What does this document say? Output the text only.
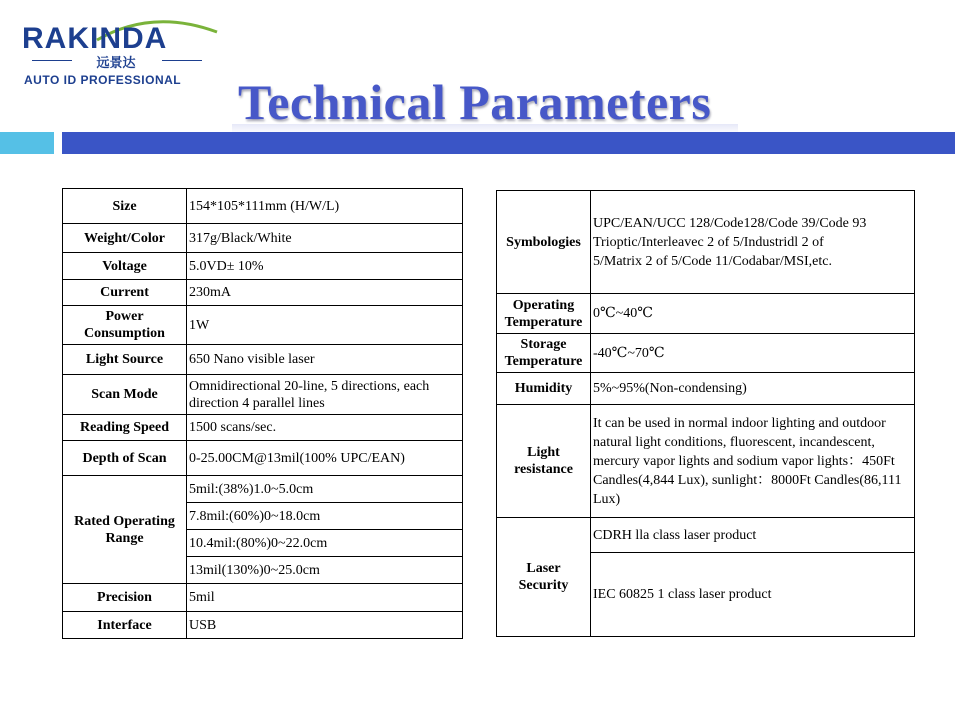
RAKINDA
远景达
AUTO ID PROFESSIONAL Technical Parameters
Size	154*105*111mm (H/W/L)
Weight/Color	317g/Black/White
Voltage	5.0VD± 10%
Current	230mA
Power
Consumption	1W
Light Source	650 Nano visible laser
Scan Mode	Omnidirectional 20-line, 5 directions, each direction 4 parallel lines
Reading Speed	1500 scans/sec.
Depth of Scan	0-25.00CM@13mil(100% UPC/EAN)
Rated Operating
Range	5mil:(38%)1.0~5.0cm
	7.8mil:(60%)0~18.0cm
	10.4mil:(80%)0~22.0cm
	13mil(130%)0~25.0cm
Precision	5mil
Interface	USB
Symbologies	UPC/EAN/UCC 128/Code128/Code 39/Code 93
Trioptic/Interleavec 2 of 5/Industridl 2 of
5/Matrix 2 of 5/Code 11/Codabar/MSI,etc.
Operating
Temperature	0℃~40℃
Storage
Temperature	-40℃~70℃
Humidity	5%~95%(Non-condensing)
Light
resistance	It can be used in normal indoor lighting and outdoor natural light conditions, fluorescent, incandescent, mercury vapor lights and sodium vapor lights：450Ft Candles(4,844 Lux), sunlight：8000Ft Candles(86,111 Lux)
Laser
Security	CDRH lla class laser product
	IEC 60825 1 class laser product
